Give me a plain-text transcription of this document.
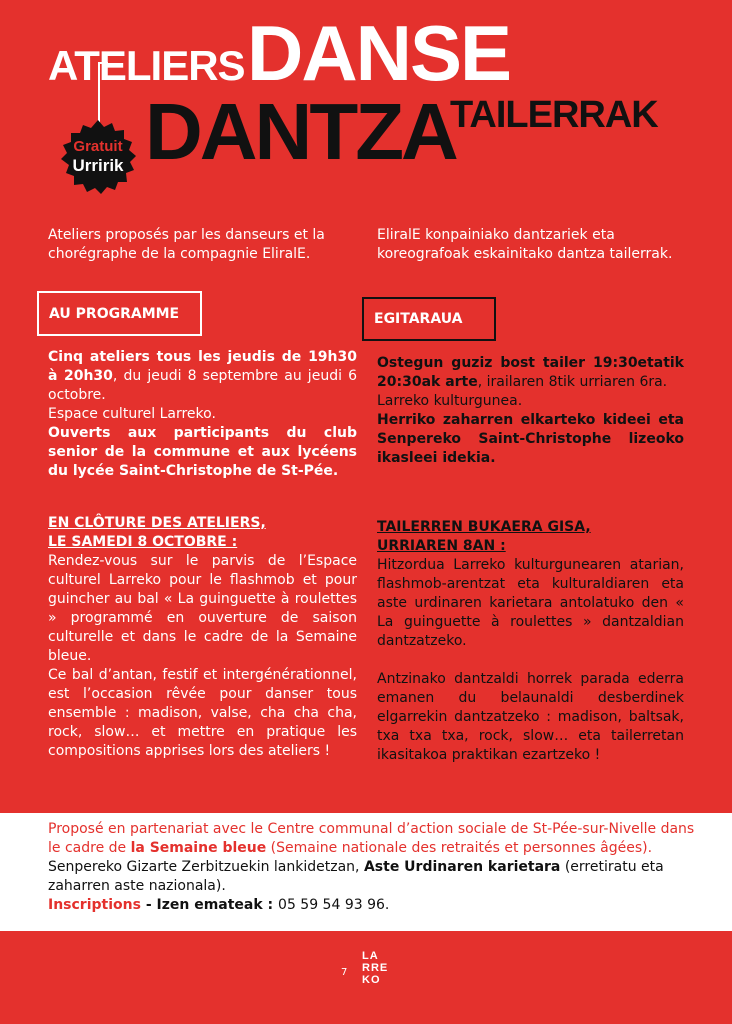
ATELIERS DANSE
DANTZA
TAILERRAK
Gratuit
Urririk
Ateliers proposés par les danseurs et la chorégraphe de la compagnie EliralE.
EliralE konpainiako dantzariek eta koreografoak eskainitako dantza tailerrak.
AU PROGRAMME	EGITARAUA
Cinq ateliers tous les jeudis de 19h30 à 20h30, du jeudi 8 septembre au jeudi 6 octobre.
Espace culturel Larreko.
Ouverts aux participants du club senior de la commune et aux lycéens du lycée Saint-Christophe de St-Pée.
Ostegun guziz bost tailer 19:30etatik 20:30ak arte, irailaren 8tik urriaren 6ra.
Larreko kulturgunea.
Herriko zaharren elkarteko kideei eta Senpereko Saint-Christophe lizeoko ikasleei idekia.
EN CLÔTURE DES ATELIERS,
LE SAMEDI 8 OCTOBRE :
Rendez-vous sur le parvis de l’Espace culturel Larreko pour le flashmob et pour guincher au bal « La guinguette à roulettes » programmé en ouverture de saison culturelle et dans le cadre de la Semaine bleue.
Ce bal d’antan, festif et intergénérationnel, est l’occasion rêvée pour danser tous ensemble : madison, valse, cha cha cha, rock, slow… et mettre en pratique les compositions apprises lors des ateliers !
TAILERREN BUKAERA GISA,
URRIAREN 8AN :
Hitzordua Larreko kulturgunearen atarian, flashmob-arentzat eta kulturaldiaren eta aste urdinaren karietara antolatuko den « La guinguette à roulettes » dantzaldian dantzatzeko.
Antzinako dantzaldi horrek parada ederra emanen du belaunaldi desberdinek elgarrekin dantzatzeko : madison, baltsak, txa txa txa, rock, slow… eta tailerretan ikasitakoa praktikan ezartzeko !
Proposé en partenariat avec le Centre communal d’action sociale de St-Pée-sur-Nivelle dans le cadre de la Semaine bleue (Semaine nationale des retraités et personnes âgées).
Senpereko Gizarte Zerbitzuekin lankidetzan, Aste Urdinaren karietara (erretiratu eta zaharren aste nazionala).
Inscriptions - Izen emateak : 05 59 54 93 96.
7
LA
RRE
KO
